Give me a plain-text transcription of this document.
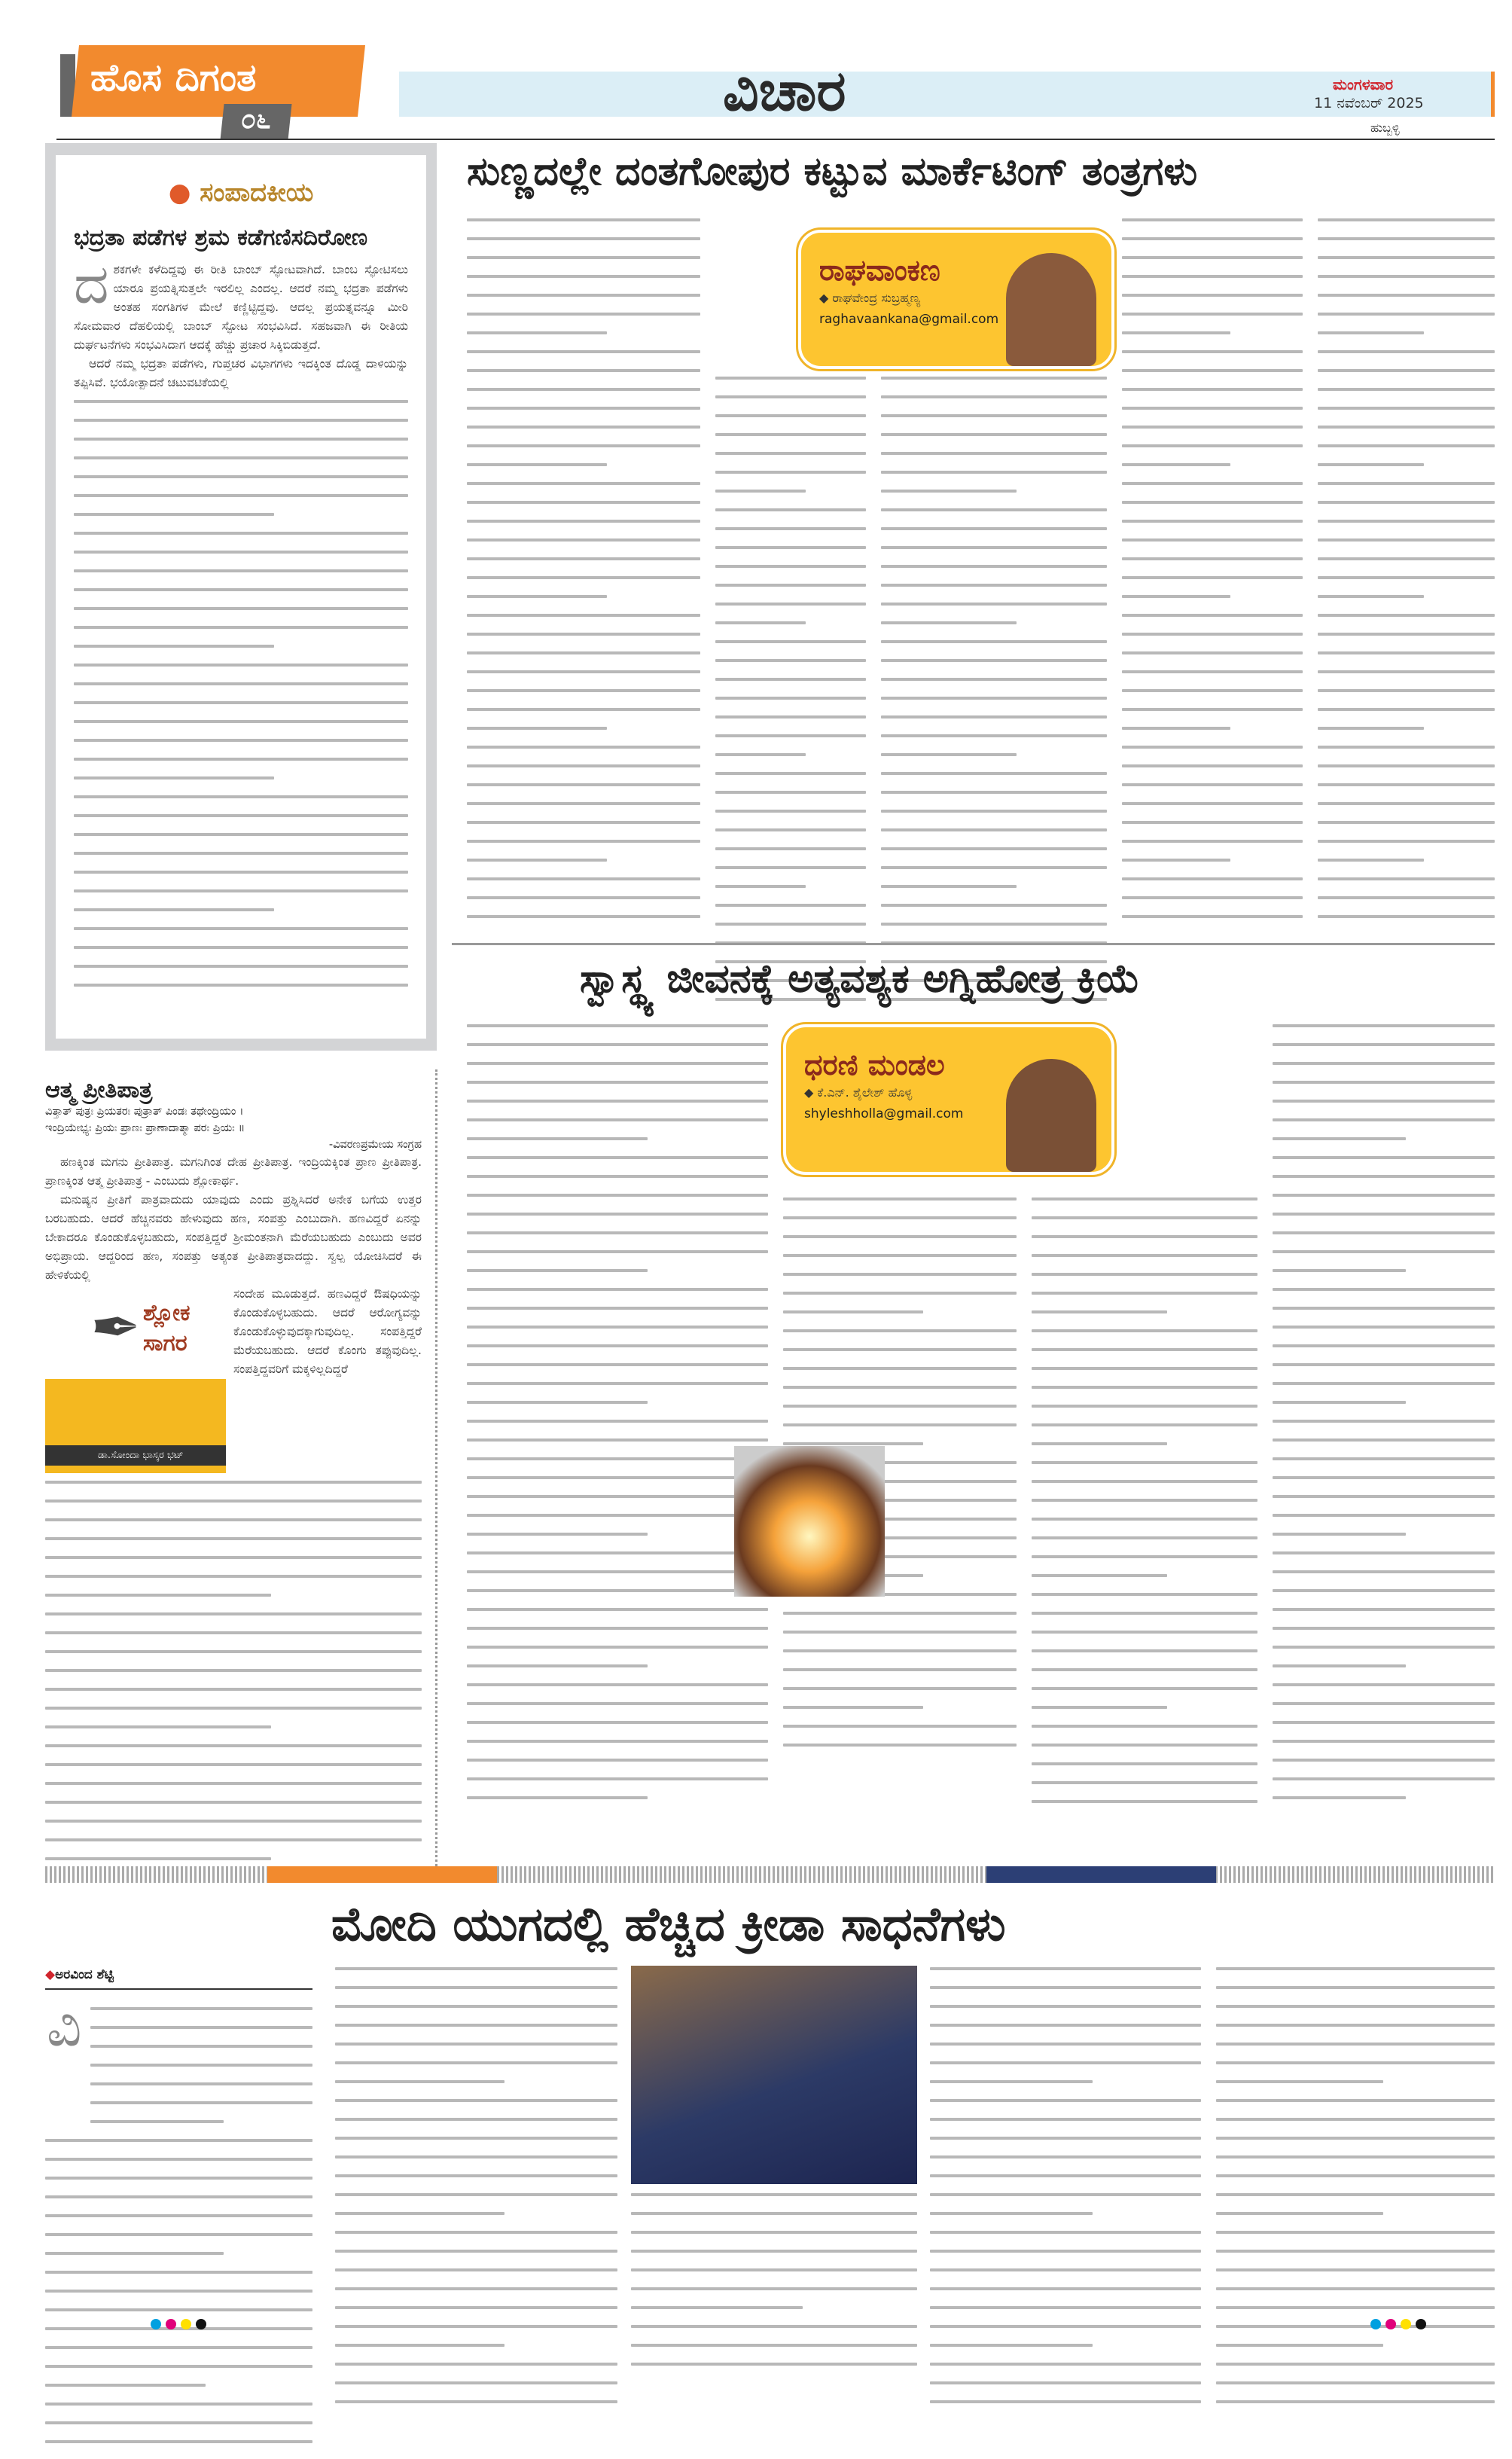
ಹೊಸ ದಿಗಂತ
೦೬	ವಿಚಾರ	ಮಂಗಳವಾರ
11 ನವೆಂಬರ್ 2025
ಹುಬ್ಬಳ್ಳಿ
● ಸಂಪಾದಕೀಯ
ಭದ್ರತಾ ಪಡೆಗಳ ಶ್ರಮ ಕಡೆಗಣಿಸದಿರೋಣ
ದಶಕಗಳೇ ಕಳೆದಿದ್ದವು ಈ ರೀತಿ ಬಾಂಬ್ ಸ್ಫೋಟವಾಗಿದೆ. ಬಾಂಬ ಸ್ಫೋಟಿಸಲು ಯಾರೂ ಪ್ರಯತ್ನಿಸುತ್ತಲೇ ಇರಲಿಲ್ಲ ಎಂದಲ್ಲ. ಆದರೆ ನಮ್ಮ ಭದ್ರತಾ ಪಡೆಗಳು ಅಂತಹ ಸಂಗತಿಗಳ ಮೇಲೆ ಕಣ್ಣಿಟ್ಟಿದ್ದವು. ಆದಲ್ಲ ಪ್ರಯತ್ನವನ್ನೂ ಮೀರಿ ಸೋಮವಾರ ದೆಹಲಿಯಲ್ಲಿ ಬಾಂಬ್ ಸ್ಫೋಟ ಸಂಭವಿಸಿದೆ. ಸಹಜವಾಗಿ ಈ ರೀತಿಯ ದುರ್ಘಟನೆಗಳು ಸಂಭವಿಸಿದಾಗ ಆದಕ್ಕೆ ಹೆಚ್ಚು ಪ್ರಚಾರ ಸಿಕ್ಕಿಬಿಡುತ್ತದೆ.

ಆದರೆ ನಮ್ಮ ಭದ್ರತಾ ಪಡೆಗಳು, ಗುಪ್ತಚರ ವಿಭಾಗಗಳು ಇದಕ್ಕಿಂತ ದೊಡ್ಡ ದಾಳಿಯನ್ನು ತಪ್ಪಿಸಿವೆ. ಭಯೋತ್ಪಾದನೆ ಚಟುವಟಿಕೆಯಲ್ಲಿ

ಸುಣ್ಣದಲ್ಲೇ ದಂತಗೋಪುರ ಕಟ್ಟುವ ಮಾರ್ಕೆಟಿಂಗ್ ತಂತ್ರಗಳು
ರಾಘವಾಂಕಣ
◆ ರಾಘವೇಂದ್ರ ಸುಬ್ರಹ್ಮಣ್ಯ
raghavaankana@gmail.com
ಸ್ವಾಸ್ಥ್ಯ ಜೀವನಕ್ಕೆ ಅತ್ಯವಶ್ಯಕ ಅಗ್ನಿಹೋತ್ರ ಕ್ರಿಯೆ
ಧರಣಿ ಮಂಡಲ
◆ ಕೆ.ಎನ್. ಶೈಲೇಶ್ ಹೊಳ್ಳ
shyleshholla@gmail.com
ಆತ್ಮ ಪ್ರೀತಿಪಾತ್ರ
ವಿತ್ತಾತ್ ಪುತ್ರಃ ಪ್ರಿಯತರಃ ಪುತ್ರಾತ್ ಪಿಂಡಃ ತಥೇಂದ್ರಿಯಂ ।
ಇಂದ್ರಿಯೇಭ್ಯಃ ಪ್ರಿಯಃ ಪ್ರಾಣಃ ಪ್ರಾಣಾದಾತ್ಮಾ ಪರಃ ಪ್ರಿಯಃ ॥
-ವಿವರಣಪ್ರಮೇಯ ಸಂಗ್ರಹ

ಹಣಕ್ಕಿಂತ ಮಗನು ಪ್ರೀತಿಪಾತ್ರ. ಮಗನಿಗಿಂತ ದೇಹ ಪ್ರೀತಿಪಾತ್ರ. ಇಂದ್ರಿಯಕ್ಕಿಂತ ಪ್ರಾಣ ಪ್ರೀತಿಪಾತ್ರ. ಪ್ರಾಣಕ್ಕಿಂತ ಆತ್ಮ ಪ್ರೀತಿಪಾತ್ರ - ಎಂಬುದು ಶ್ಲೋಕಾರ್ಥ.

ಮನುಷ್ಯನ ಪ್ರೀತಿಗೆ ಪಾತ್ರವಾದುದು ಯಾವುದು ಎಂದು ಪ್ರಶ್ನಿಸಿದರೆ ಅನೇಕ ಬಗೆಯ ಉತ್ತರ ಬರಬಹುದು. ಆದರೆ ಹೆಚ್ಚಿನವರು ಹೇಳುವುದು ಹಣ, ಸಂಪತ್ತು ಎಂಬುದಾಗಿ. ಹಣವಿದ್ದರೆ ಏನನ್ನು ಬೇಕಾದರೂ ಕೊಂಡುಕೊಳ್ಳಬಹುದು, ಸಂಪತ್ತಿದ್ದರೆ ಶ್ರೀಮಂತನಾಗಿ ಮೆರೆಯಬಹುದು ಎಂಬುದು ಅವರ ಅಭಿಪ್ರಾಯ. ಆದ್ದರಿಂದ ಹಣ, ಸಂಪತ್ತು ಅತ್ಯಂತ ಪ್ರೀತಿಪಾತ್ರವಾದದ್ದು. ಸ್ವಲ್ಪ ಯೋಚಿಸಿದರೆ ಈ ಹೇಳಿಕೆಯಲ್ಲಿ

ಶ್ಲೋಕ
ಸಾಗರ
✒
ಡಾ.ಸೋಂದಾ ಭಾಸ್ಕರ ಭಟ್

ಸಂದೇಹ ಮೂಡುತ್ತದೆ. ಹಣವಿದ್ದರೆ ಔಷಧಿಯನ್ನು ಕೊಂಡುಕೊಳ್ಳಬಹುದು. ಆದರೆ ಆರೋಗ್ಯವನ್ನು ಕೊಂಡುಕೊಳ್ಳುವುದಕ್ಕಾಗುವುದಿಲ್ಲ. ಸಂಪತ್ತಿದ್ದರೆ ಮೆರೆಯಬಹುದು. ಆದರೆ ಕೊಂಗು ತಪ್ಪುವುದಿಲ್ಲ. ಸಂಪತ್ತಿದ್ದವರಿಗೆ ಮಕ್ಕಳಿಲ್ಲದಿದ್ದರೆ

ಮೋದಿ ಯುಗದಲ್ಲಿ ಹೆಚ್ಚಿದ ಕ್ರೀಡಾ ಸಾಧನೆಗಳು
◆ಅರವಿಂದ ಶೆಟ್ಟಿ
ವಿ
